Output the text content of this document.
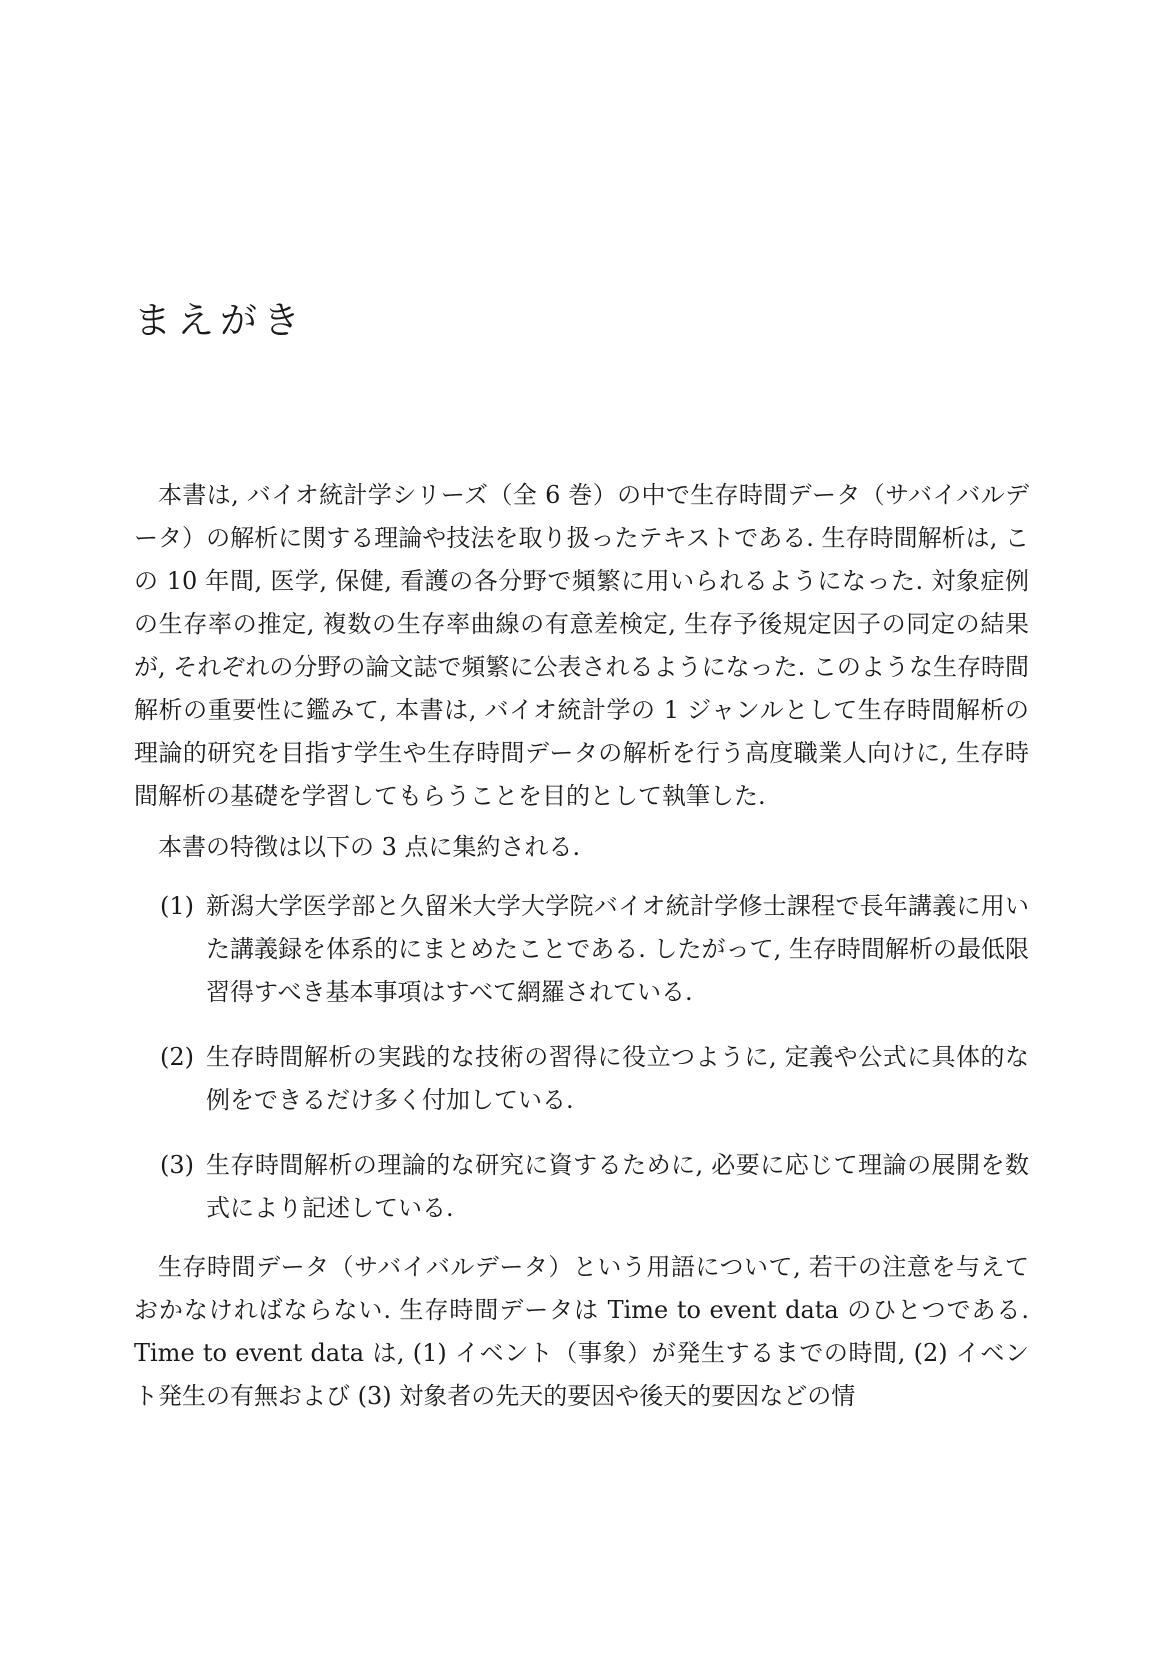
まえがき

本書は, バイオ統計学シリーズ（全 6 巻）の中で生存時間データ（サバイバルデータ）の解析に関する理論や技法を取り扱ったテキストである. 生存時間解析は, この 10 年間, 医学, 保健, 看護の各分野で頻繁に用いられるようになった. 対象症例の生存率の推定, 複数の生存率曲線の有意差検定, 生存予後規定因子の同定の結果が, それぞれの分野の論文誌で頻繁に公表されるようになった. このような生存時間解析の重要性に鑑みて, 本書は, バイオ統計学の 1 ジャンルとして生存時間解析の理論的研究を目指す学生や生存時間データの解析を行う高度職業人向けに, 生存時間解析の基礎を学習してもらうことを目的として執筆した.

本書の特徴は以下の 3 点に集約される.

(1) 新潟大学医学部と久留米大学大学院バイオ統計学修士課程で長年講義に用いた講義録を体系的にまとめたことである. したがって, 生存時間解析の最低限習得すべき基本事項はすべて網羅されている.
(2) 生存時間解析の実践的な技術の習得に役立つように, 定義や公式に具体的な例をできるだけ多く付加している.
(3) 生存時間解析の理論的な研究に資するために, 必要に応じて理論の展開を数式により記述している.

生存時間データ（サバイバルデータ）という用語について, 若干の注意を与えておかなければならない. 生存時間データは Time to event data のひとつである. Time to event data は, (1) イベント（事象）が発生するまでの時間, (2) イベント発生の有無および (3) 対象者の先天的要因や後天的要因などの情
